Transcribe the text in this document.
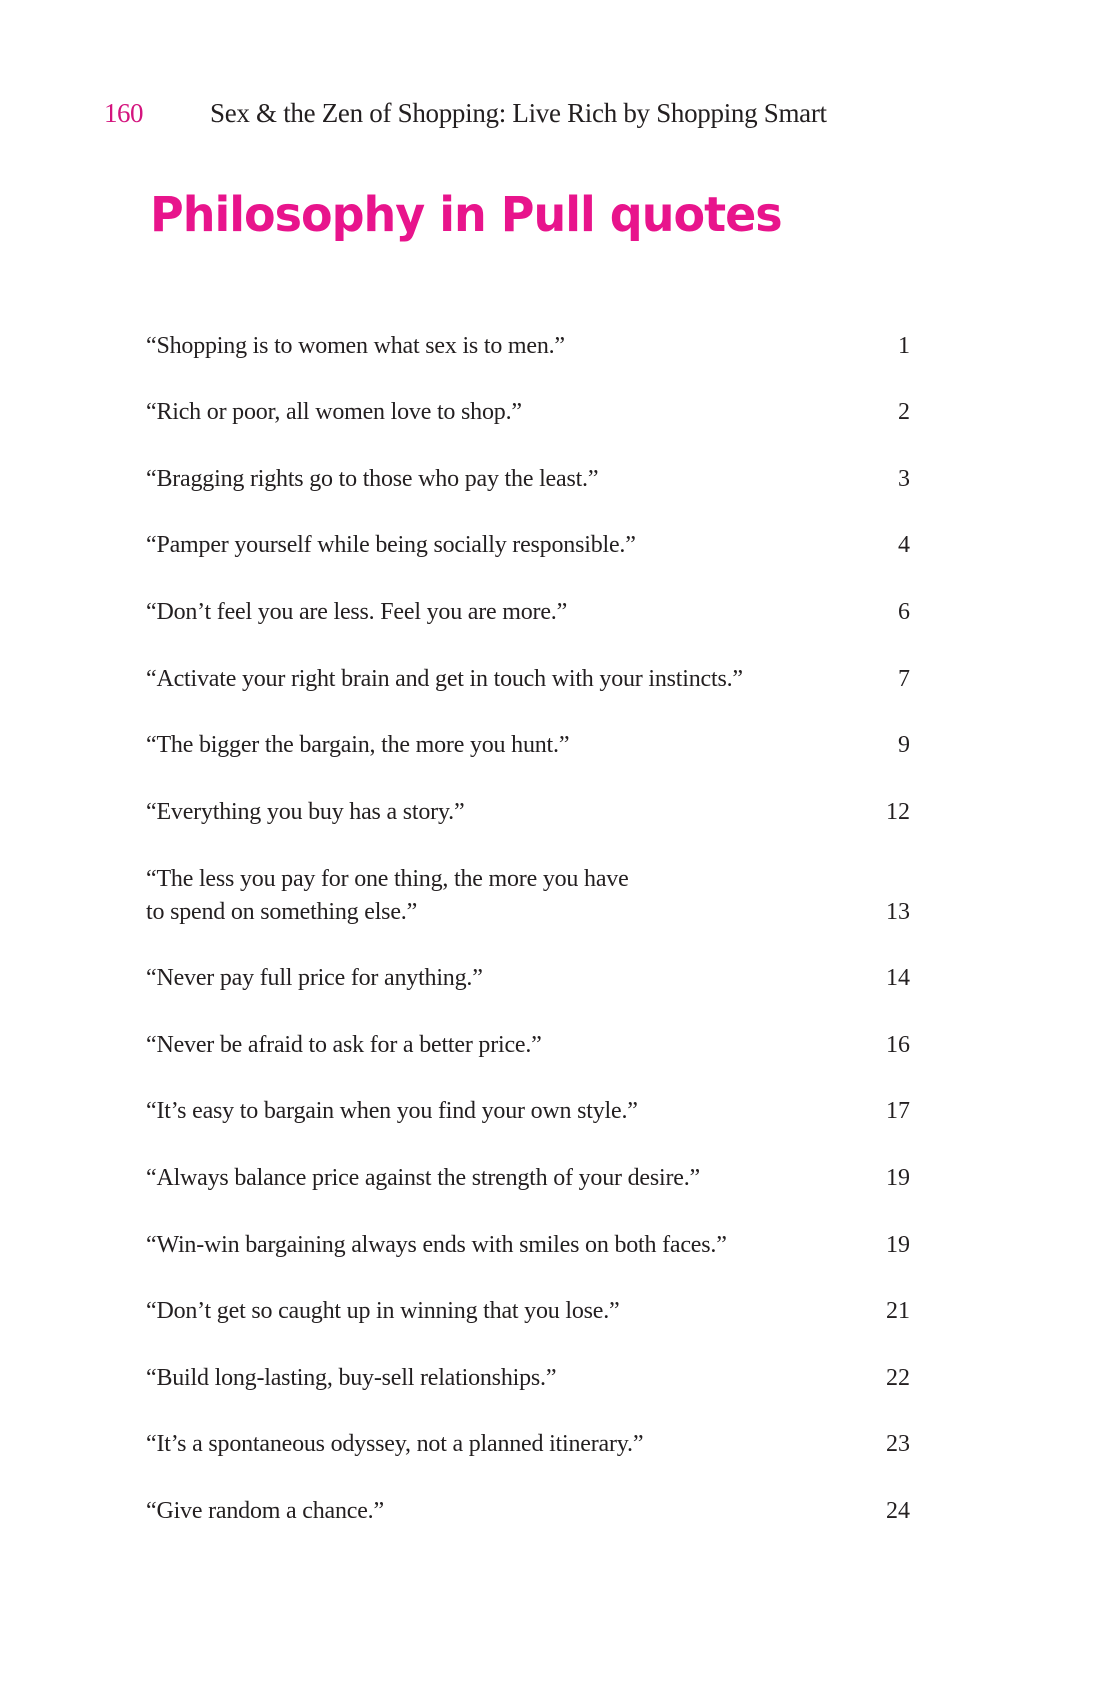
160	Sex & the Zen of Shopping: Live Rich by Shopping Smart
Philosophy in Pull quotes
“Shopping is to women what sex is to men.”	1
“Rich or poor, all women love to shop.”	2
“Bragging rights go to those who pay the least.”	3
“Pamper yourself while being socially responsible.”	4
“Don’t feel you are less. Feel you are more.”	6
“Activate your right brain and get in touch with your instincts.”	7
“The bigger the bargain, the more you hunt.”	9
“Everything you buy has a story.”	12
“The less you pay for one thing, the more you have
to spend on something else.”	13
“Never pay full price for anything.”	14
“Never be afraid to ask for a better price.”	16
“It’s easy to bargain when you find your own style.”	17
“Always balance price against the strength of your desire.”	19
“Win-win bargaining always ends with smiles on both faces.”	19
“Don’t get so caught up in winning that you lose.”	21
“Build long-lasting, buy-sell relationships.”	22
“It’s a spontaneous odyssey, not a planned itinerary.”	23
“Give random a chance.”	24
